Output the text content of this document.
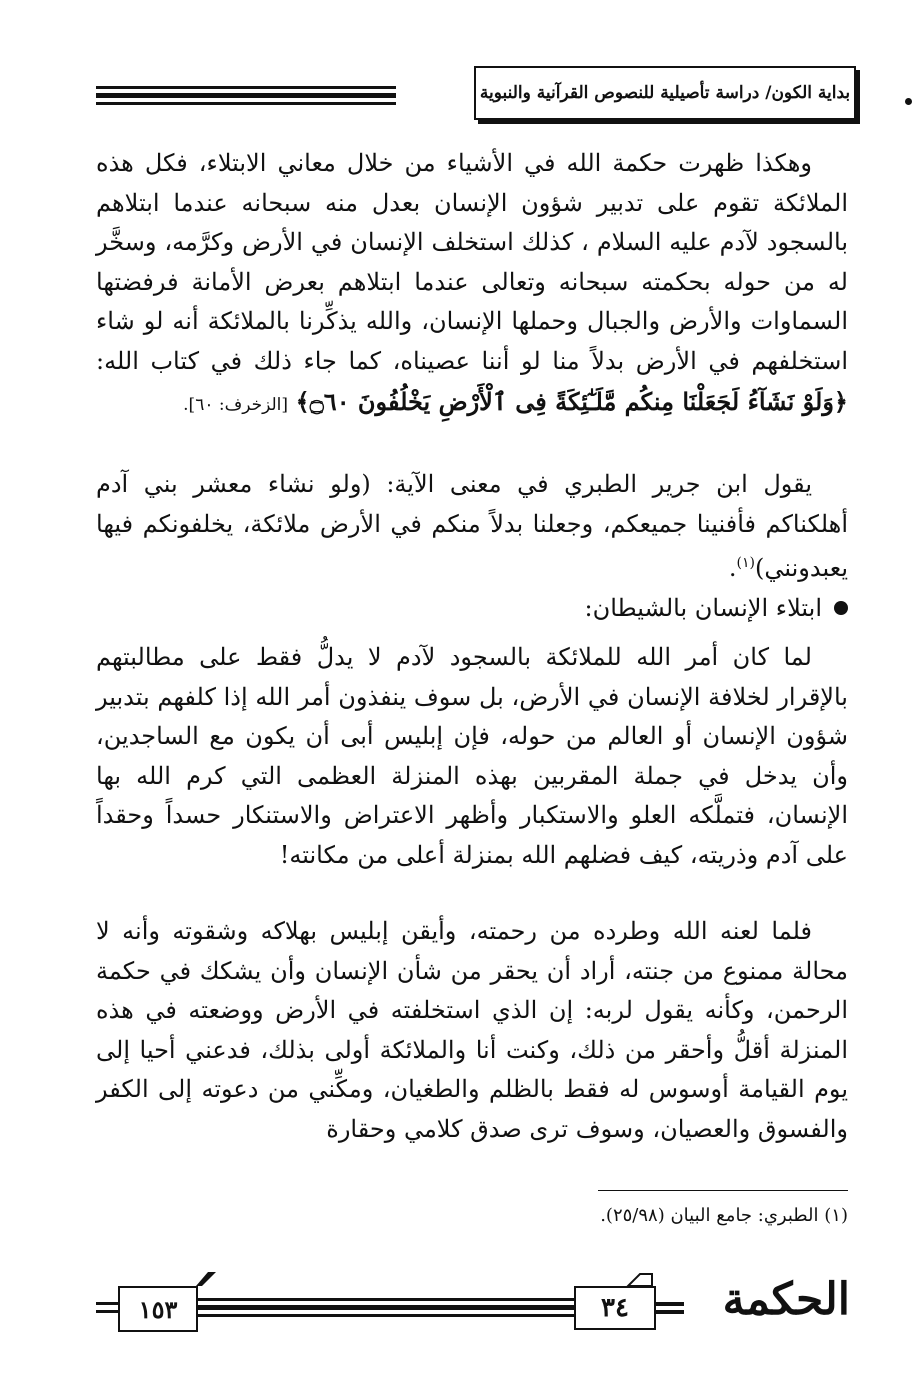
بداية الكون/ دراسة تأصيلية للنصوص القرآنية والنبوية
وهكذا ظهرت حكمة الله في الأشياء من خلال معاني الابتلاء، فكل هذه الملائكة تقوم على تدبير شؤون الإنسان بعدل منه سبحانه عندما ابتلاهم بالسجود لآدم عليه السلام ، كذلك استخلف الإنسان في الأرض وكرَّمه، وسخَّر له من حوله بحكمته سبحانه وتعالى عندما ابتلاهم بعرض الأمانة فرفضتها السماوات والأرض والجبال وحملها الإنسان، والله يذكِّرنا بالملائكة أنه لو شاء استخلفهم في الأرض بدلاً منا لو أننا عصيناه، كما جاء ذلك في كتاب الله: ﴿وَلَوْ نَشَآءُ لَجَعَلْنَا مِنكُم مَّلَـٰٓئِكَةً فِى ٱلْأَرْضِ يَخْلُفُونَ ۝٦٠﴾ [الزخرف: ٦٠].
يقول ابن جرير الطبري في معنى الآية: (ولو نشاء معشر بني آدم أهلكناكم فأفنينا جميعكم، وجعلنا بدلاً منكم في الأرض ملائكة، يخلفونكم فيها يعبدونني)$^{(١)}$.
ابتلاء الإنسان بالشيطان:
لما كان أمر الله للملائكة بالسجود لآدم لا يدلُّ فقط على مطالبتهم بالإقرار لخلافة الإنسان في الأرض، بل سوف ينفذون أمر الله إذا كلفهم بتدبير شؤون الإنسان أو العالم من حوله، فإن إبليس أبى أن يكون مع الساجدين، وأن يدخل في جملة المقربين بهذه المنزلة العظمى التي كرم الله بها الإنسان، فتملَّكه العلو والاستكبار وأظهر الاعتراض والاستنكار حسداً وحقداً على آدم وذريته، كيف فضلهم الله بمنزلة أعلى من مكانته!
فلما لعنه الله وطرده من رحمته، وأيقن إبليس بهلاكه وشقوته وأنه لا محالة ممنوع من جنته، أراد أن يحقر من شأن الإنسان وأن يشكك في حكمة الرحمن، وكأنه يقول لربه: إن الذي استخلفته في الأرض ووضعته في هذه المنزلة أقلُّ وأحقر من ذلك، وكنت أنا والملائكة أولى بذلك، فدعني أحيا إلى يوم القيامة أوسوس له فقط بالظلم والطغيان، ومكِّني من دعوته إلى الكفر والفسوق والعصيان، وسوف ترى صدق كلامي وحقارة
(١) الطبري: جامع البيان (٢٥/٩٨).
١٥٣	٣٤	الحكمة
